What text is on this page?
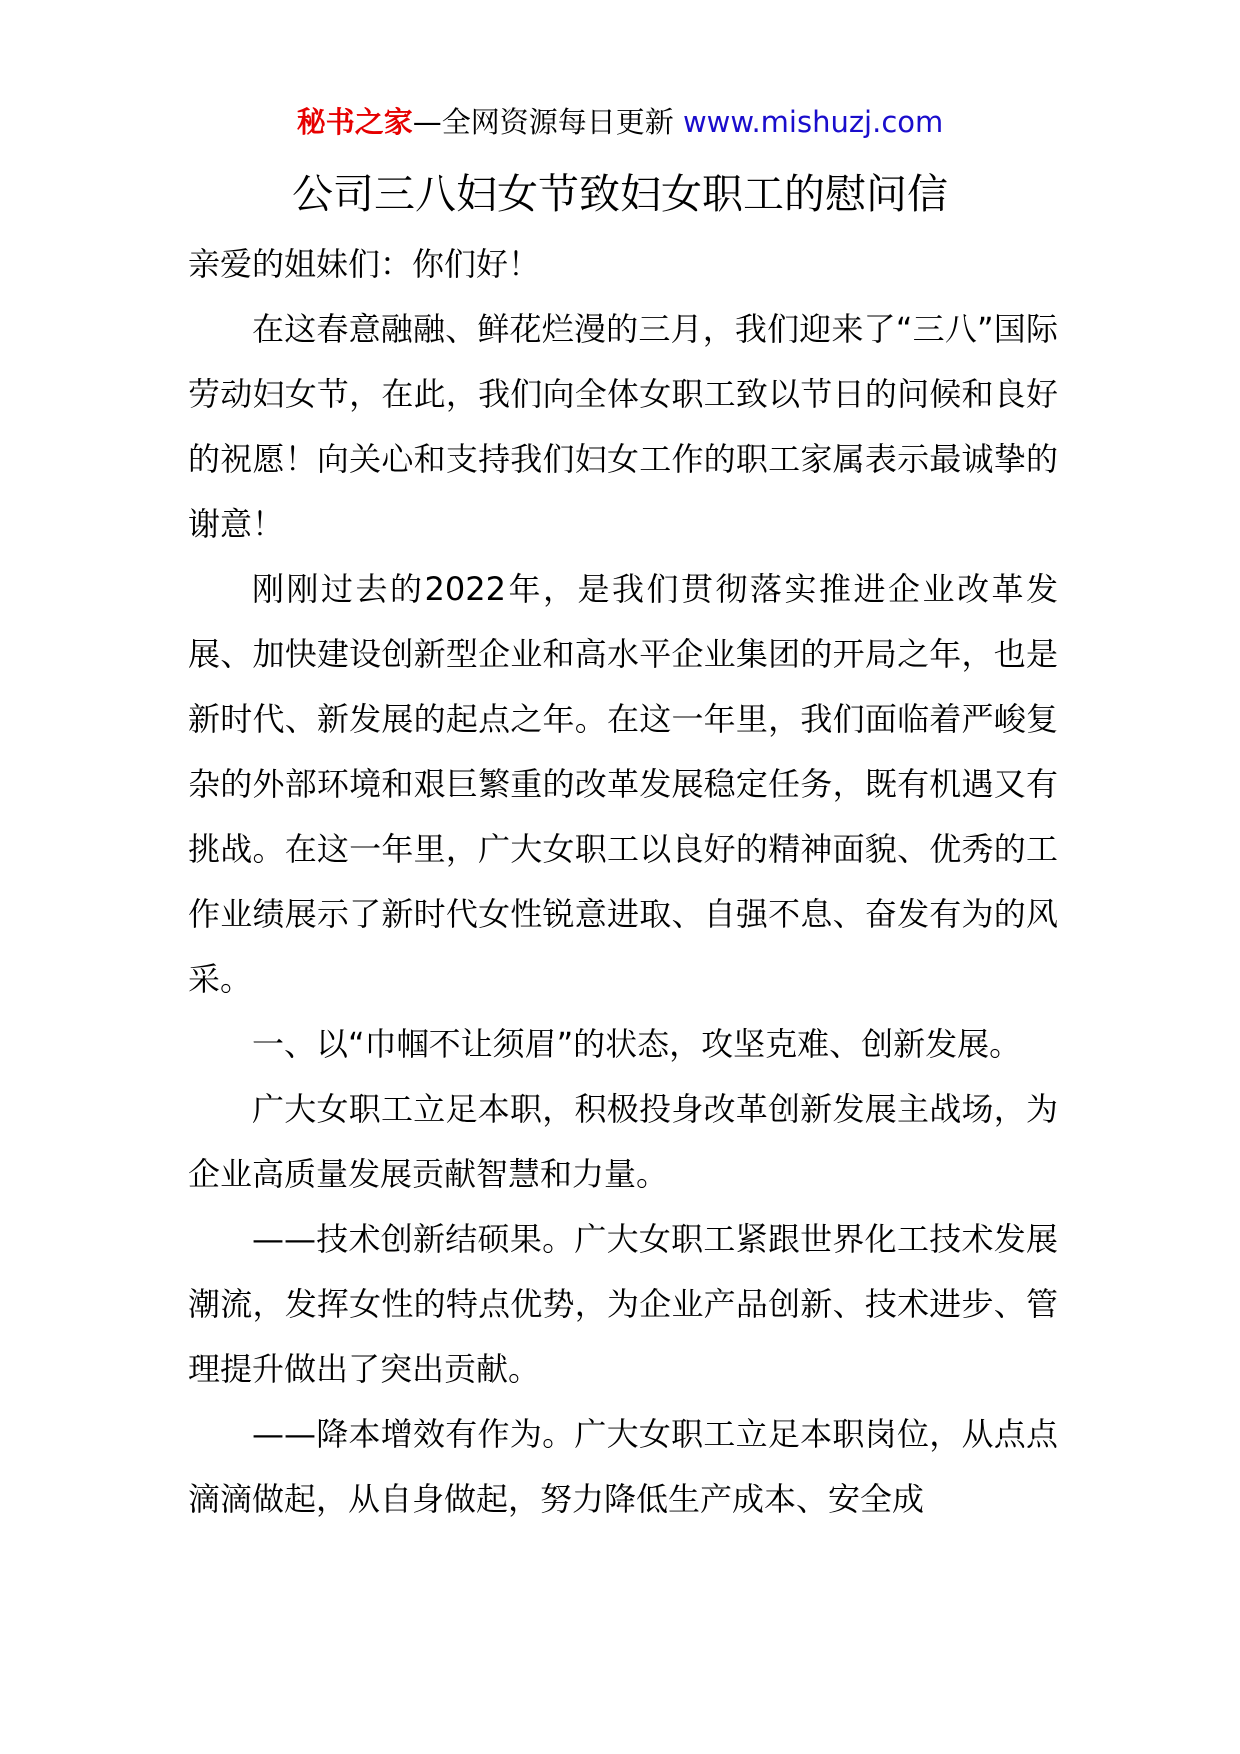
秘书之家—全网资源每日更新 www.mishuzj.com
公司三八妇女节致妇女职工的慰问信

亲爱的姐妹们：你们好！

在这春意融融、鲜花烂漫的三月，我们迎来了“三八”国际劳动妇女节，在此，我们向全体女职工致以节日的问候和良好的祝愿！向关心和支持我们妇女工作的职工家属表示最诚挚的谢意！

刚刚过去的2022年，是我们贯彻落实推进企业改革发展、加快建设创新型企业和高水平企业集团的开局之年，也是新时代、新发展的起点之年。在这一年里，我们面临着严峻复杂的外部环境和艰巨繁重的改革发展稳定任务，既有机遇又有挑战。在这一年里，广大女职工以良好的精神面貌、优秀的工作业绩展示了新时代女性锐意进取、自强不息、奋发有为的风采。

一、以“巾帼不让须眉”的状态，攻坚克难、创新发展。

广大女职工立足本职，积极投身改革创新发展主战场，为企业高质量发展贡献智慧和力量。

——技术创新结硕果。广大女职工紧跟世界化工技术发展潮流，发挥女性的特点优势，为企业产品创新、技术进步、管理提升做出了突出贡献。

——降本增效有作为。广大女职工立足本职岗位，从点点滴滴做起，从自身做起，努力降低生产成本、安全成
